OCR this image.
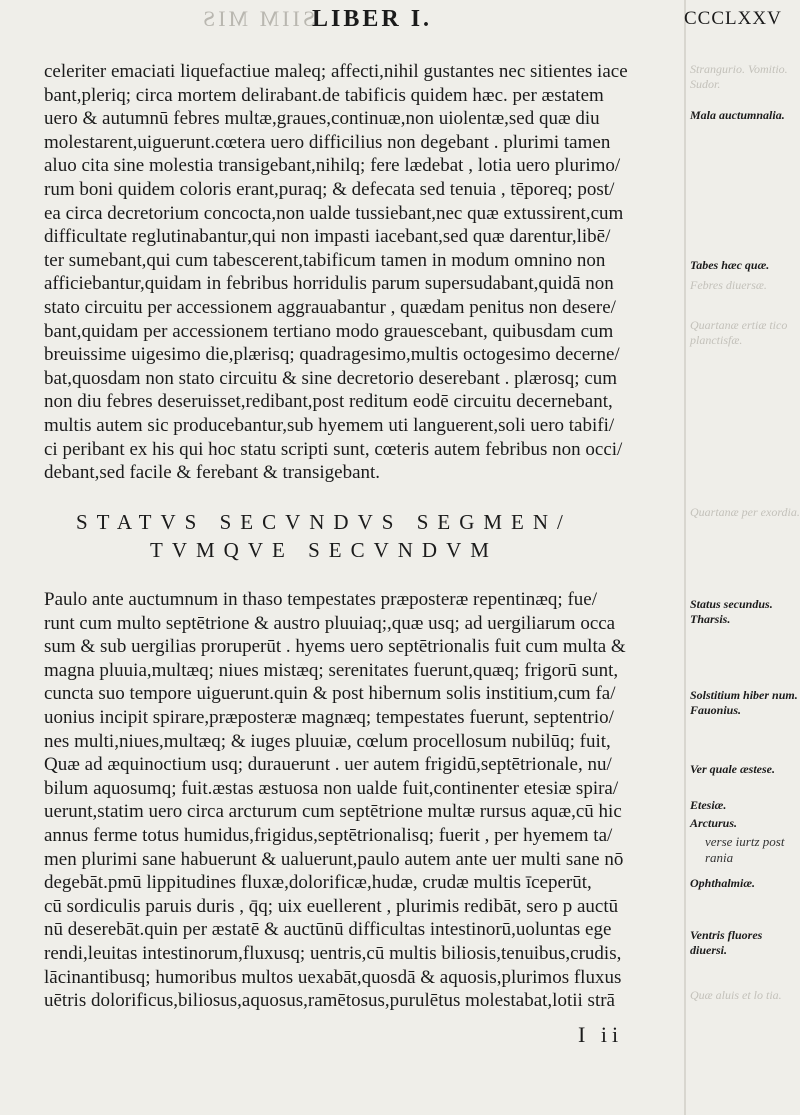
SIIM MIS
LIBER I.	CCCLXXV
celeriter emaciati liquefactiue maleq; affecti,nihil gustantes nec sitientes iace
bant,pleriq; circa mortem delirabant.de tabificis quidem hæc. per æstatem
uero & autumnū febres multæ,graues,continuæ,non uiolentæ,sed quæ diu
molestarent,uiguerunt.cœtera uero difficilius non degebant . plurimi tamen
aluo cita sine molestia transigebant,nihilq; fere lædebat , lotia uero plurimo/
rum boni quidem coloris erant,puraq; & defecata sed tenuia , tēporeq; post/
ea circa decretorium concocta,non ualde tussiebant,nec quæ extussirent,cum
difficultate reglutinabantur,qui non impasti iacebant,sed quæ darentur,libē/
ter sumebant,qui cum tabescerent,tabificum tamen in modum omnino non
afficiebantur,quidam in febribus horridulis parum supersudabant,quidā non
stato circuitu per accessionem aggrauabantur , quædam penitus non desere/
bant,quidam per accessionem tertiano modo grauescebant, quibusdam cum
breuissime uigesimo die,plærisq; quadragesimo,multis octogesimo decerne/
bat,quosdam non stato circuitu & sine decretorio deserebant . plærosq; cum
non diu febres deseruisset,redibant,post reditum eodē circuitu decernebant,
multis autem sic producebantur,sub hyemem uti languerent,soli uero tabifi/
ci peribant ex his qui hoc statu scripti sunt, cœteris autem febribus non occi/
debant,sed facile & ferebant & transigebant.
STATVS SECVNDVS SEGMEN/
TVMQVE SECVNDVM
Paulo ante auctumnum in thaso tempestates præposteræ repentinæq; fue/
runt cum multo septētrione & austro pluuiaq;,quæ usq; ad uergiliarum occa
sum & sub uergilias proruperūt . hyems uero septētrionalis fuit cum multa &
magna pluuia,multæq; niues mistæq; serenitates fuerunt,quæq; frigorū sunt,
cuncta suo tempore uiguerunt.quin & post hibernum solis institium,cum fa/
uonius incipit spirare,præposteræ magnæq; tempestates fuerunt, septentrio/
nes multi,niues,multæq; & iuges pluuiæ, cœlum procellosum nubilūq; fuit,
Quæ ad æquinoctium usq; durauerunt . uer autem frigidū,septētrionale, nu/
bilum aquosumq; fuit.æstas æstuosa non ualde fuit,continenter etesiæ spira/
uerunt,statim uero circa arcturum cum septētrione multæ rursus aquæ,cū hic
annus ferme totus humidus,frigidus,septētrionalisq; fuerit , per hyemem ta/
men plurimi sane habuerunt & ualuerunt,paulo autem ante uer multi sane nō
degebāt.pmū lippitudines fluxæ,dolorificæ,hudæ, crudæ multis īceperūt,
cū sordiculis paruis duris , q̄q; uix euellerent , plurimis redibāt, sero p auctū
nū deserebāt.quin per æstatē & auctūnū difficultas intestinorū,uoluntas ege
rendi,leuitas intestinorum,fluxusq; uentris,cū multis biliosis,tenuibus,crudis,
lācinantibusq; humoribus multos uexabāt,quosdā & aquosis,plurimos fluxus
uētris dolorificus,biliosus,aquosus,ramētosus,purulētus molestabat,lotii strā
I ii
Strangurio. Vomitio. Sudor.
Febres diuersæ.
Quartanæ ertiæ tico planctisfæ.
Quartanæ per exordia.
Quæ aluis et lo tia.
Mala auctumnalia.
Tabes hæc quæ.
Status secundus. Tharsis.
Solstitium hiber num. Fauonius.
Ver quale æstese.
Etesiæ.
Arcturus.
Ophthalmiæ.
Ventris fluores diuersi.
verse iurtz post rania
